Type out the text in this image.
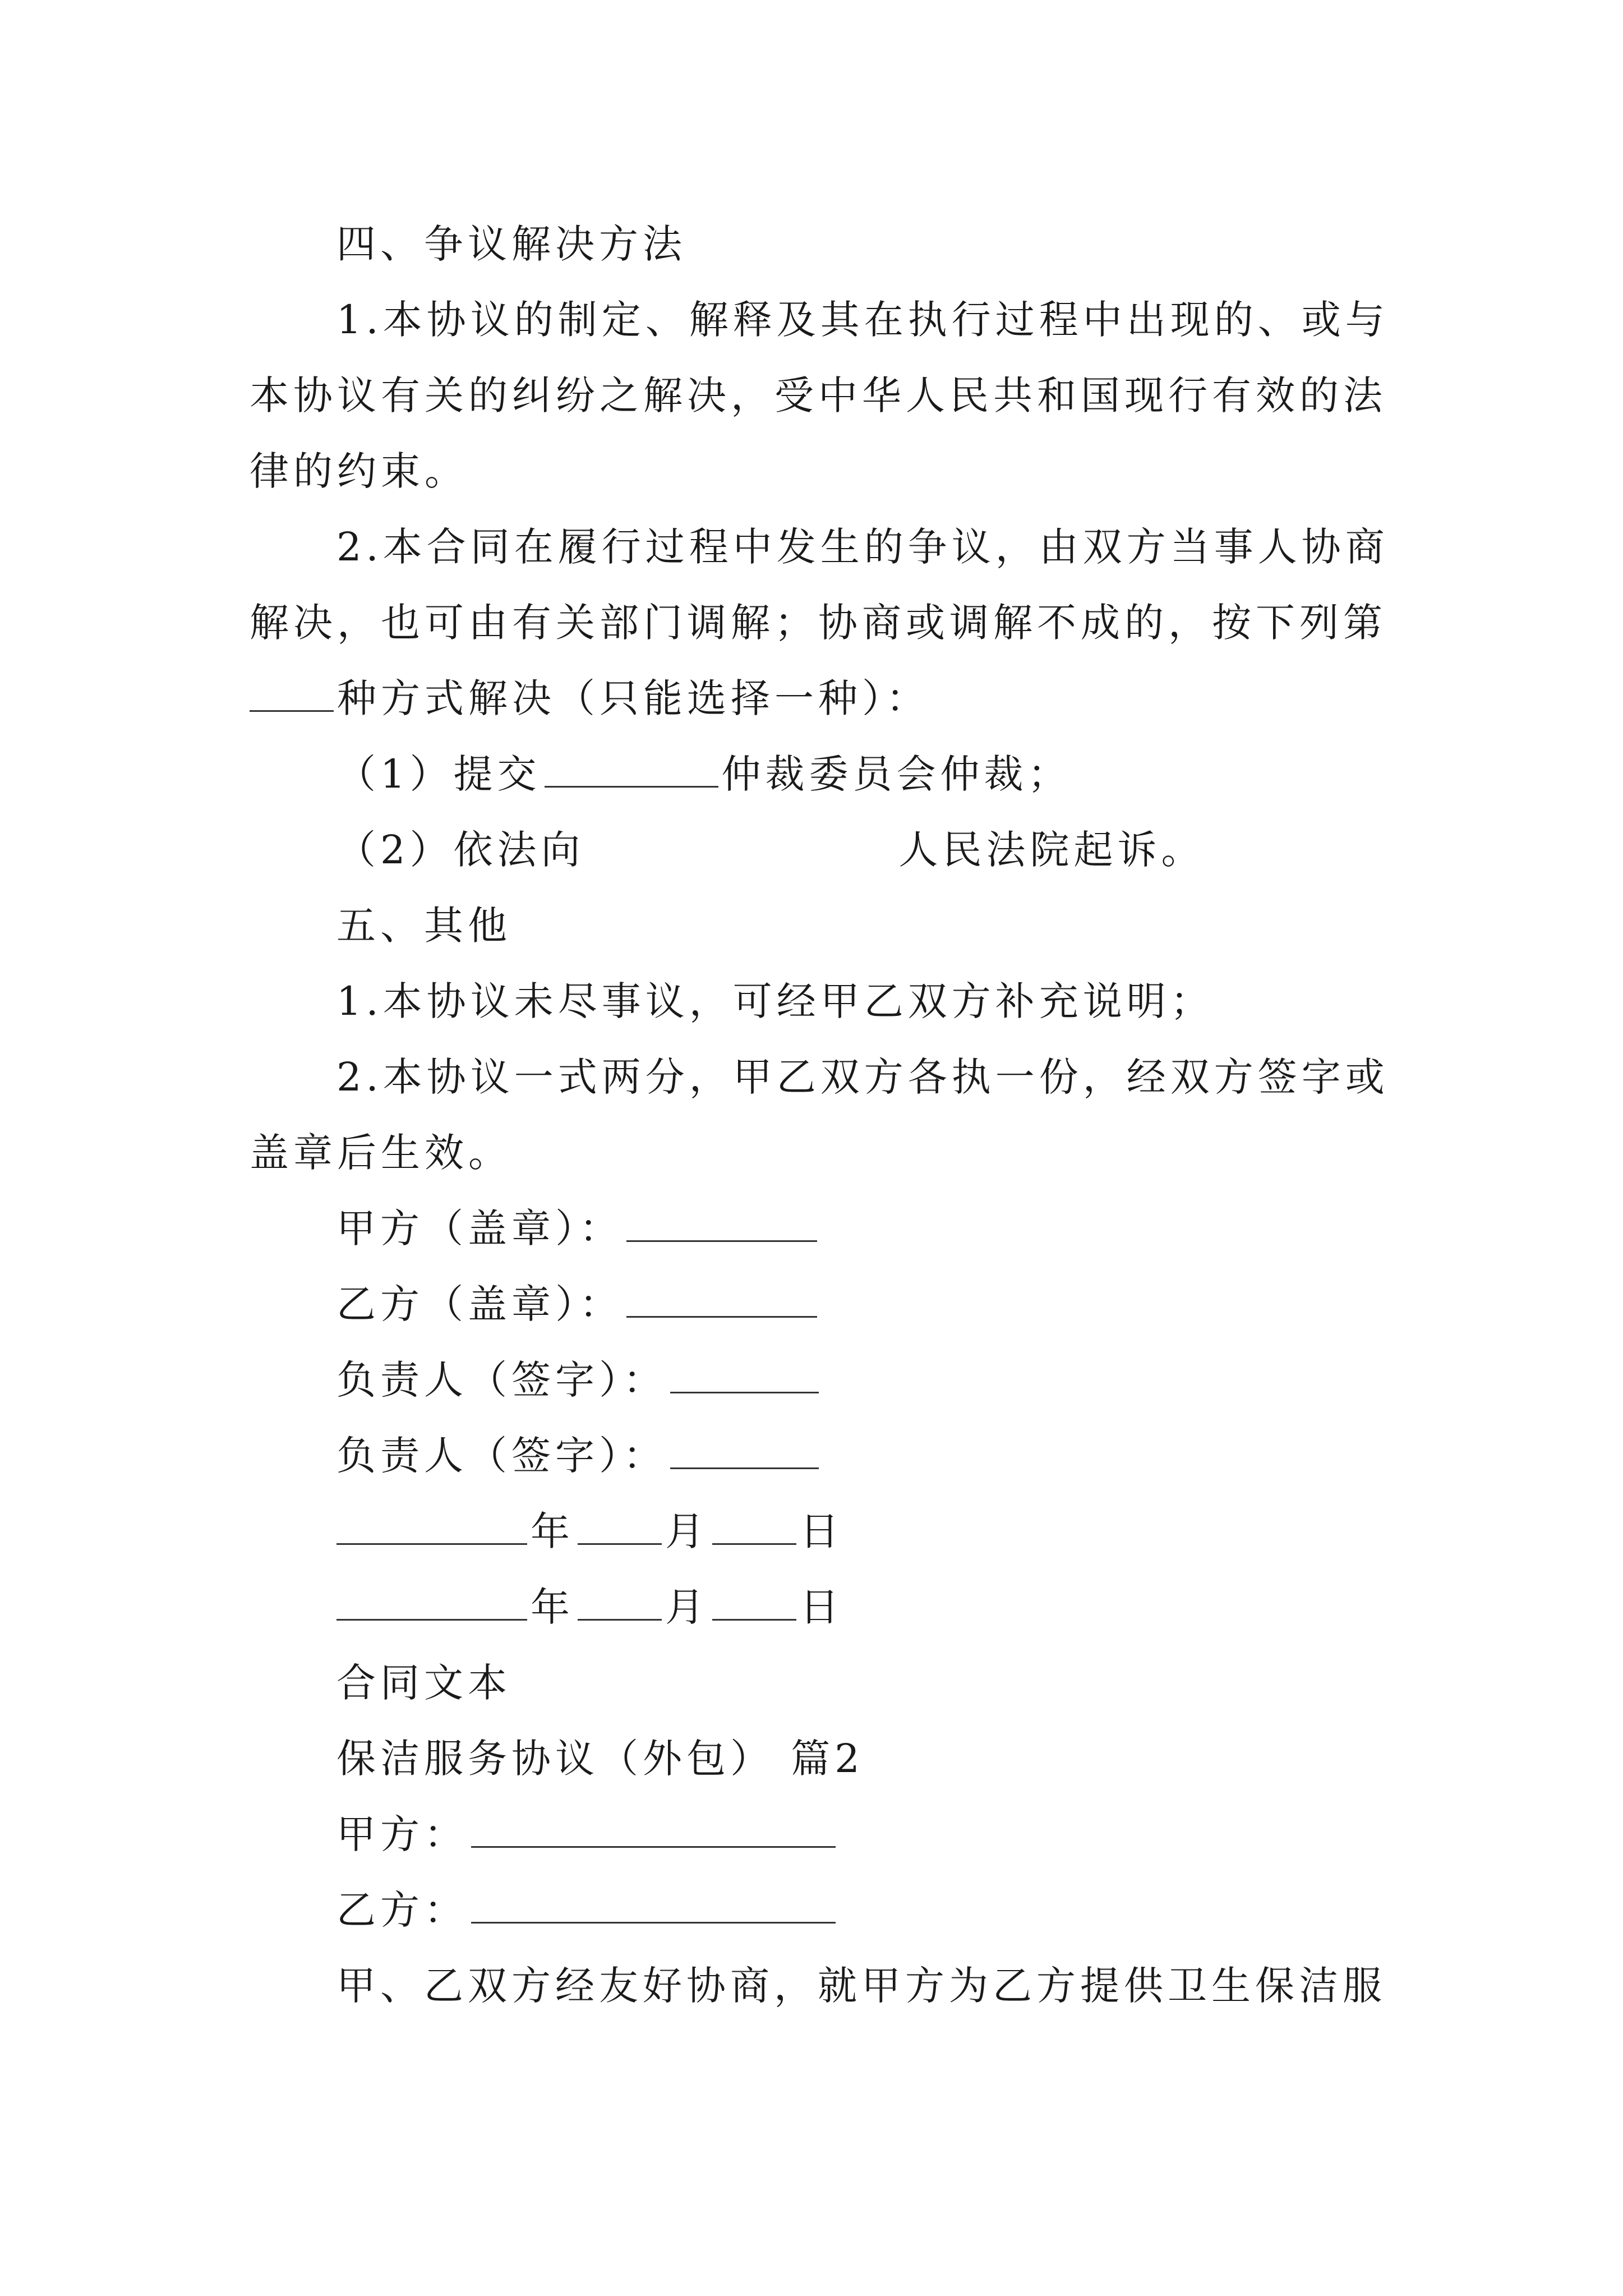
四、争议解决方法
1.本协议的制定、解释及其在执行过程中出现的、或与
本协议有关的纠纷之解决，受中华人民共和国现行有效的法
律的约束。
2.本合同在履行过程中发生的争议，由双方当事人协商
解决，也可由有关部门调解；协商或调解不成的，按下列第
种方式解决（只能选择一种）：
（1）提交	仲裁委员会仲裁；
（2）依法向	人民法院起诉。
五、其他
1.本协议未尽事议，可经甲乙双方补充说明；
2.本协议一式两分，甲乙双方各执一份，经双方签字或
盖章后生效。
甲方（盖章）：
乙方（盖章）：
负责人（签字）：
负责人（签字）：
年 月 日
年 月 日
合同文本
保洁服务协议（外包） 篇2
甲方：
乙方：
甲、乙双方经友好协商，就甲方为乙方提供卫生保洁服
